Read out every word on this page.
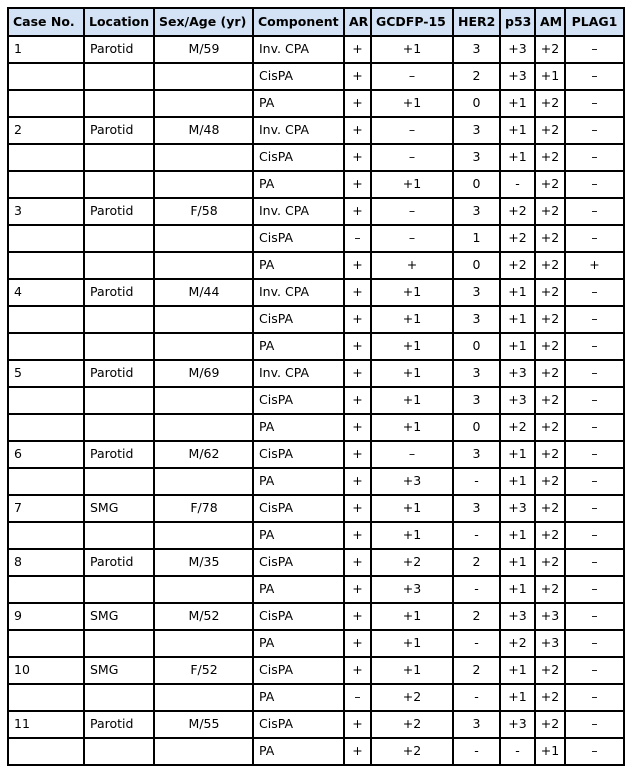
Case No.	Location	Sex/Age (yr)	Component	AR	GCDFP-15	HER2	p53	AM	PLAG1
1	Parotid	M/59	Inv. CPA	+	+1	3	+3	+2	–
			CisPA	+	–	2	+3	+1	–
			PA	+	+1	0	+1	+2	–
2	Parotid	M/48	Inv. CPA	+	–	3	+1	+2	–
			CisPA	+	–	3	+1	+2	–
			PA	+	+1	0	-	+2	–
3	Parotid	F/58	Inv. CPA	+	–	3	+2	+2	–
			CisPA	–	–	1	+2	+2	–
			PA	+	+	0	+2	+2	+
4	Parotid	M/44	Inv. CPA	+	+1	3	+1	+2	–
			CisPA	+	+1	3	+1	+2	–
			PA	+	+1	0	+1	+2	–
5	Parotid	M/69	Inv. CPA	+	+1	3	+3	+2	–
			CisPA	+	+1	3	+3	+2	–
			PA	+	+1	0	+2	+2	–
6	Parotid	M/62	CisPA	+	–	3	+1	+2	–
			PA	+	+3	-	+1	+2	–
7	SMG	F/78	CisPA	+	+1	3	+3	+2	–
			PA	+	+1	-	+1	+2	–
8	Parotid	M/35	CisPA	+	+2	2	+1	+2	–
			PA	+	+3	-	+1	+2	–
9	SMG	M/52	CisPA	+	+1	2	+3	+3	–
			PA	+	+1	-	+2	+3	–
10	SMG	F/52	CisPA	+	+1	2	+1	+2	–
			PA	–	+2	-	+1	+2	–
11	Parotid	M/55	CisPA	+	+2	3	+3	+2	–
			PA	+	+2	-	-	+1	–
